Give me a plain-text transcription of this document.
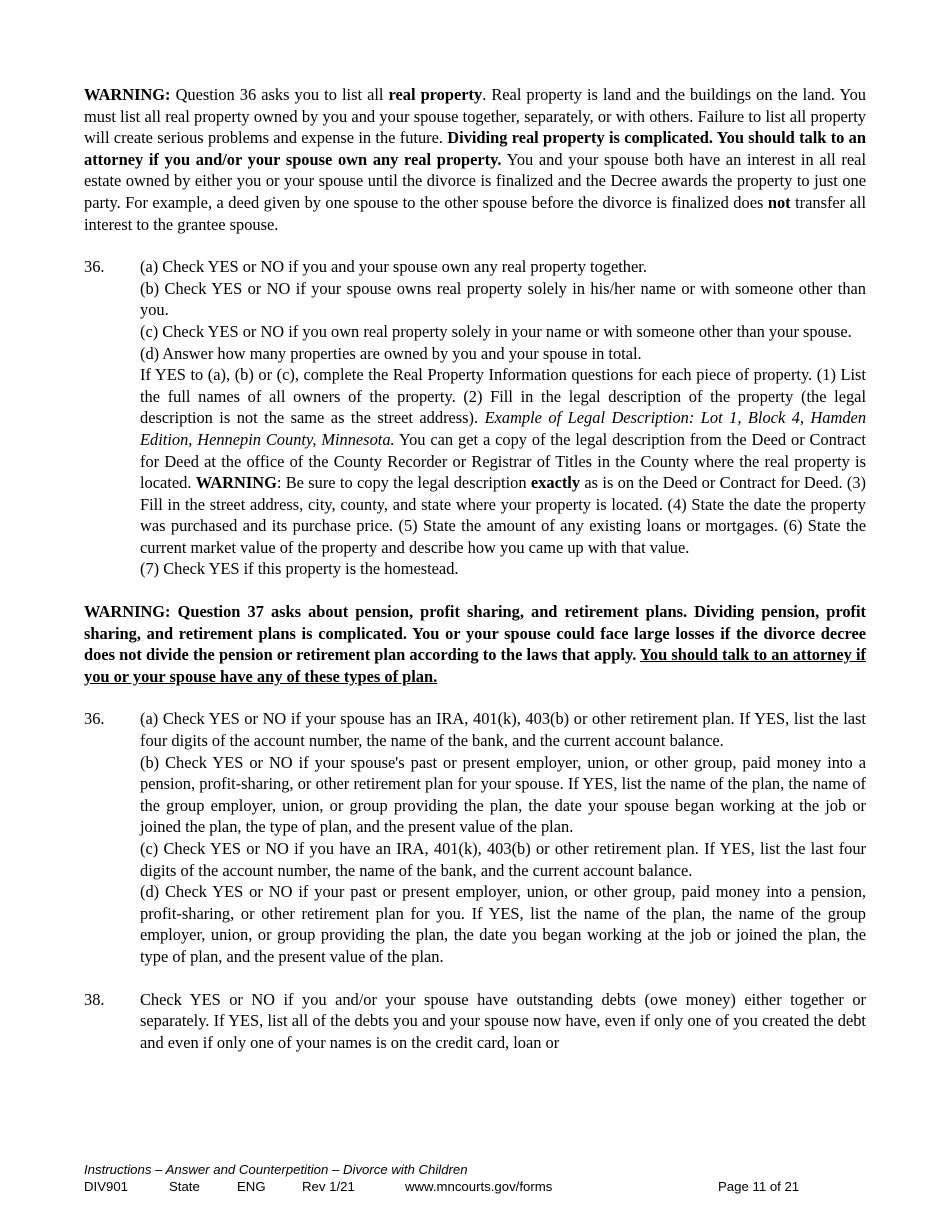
WARNING: Question 36 asks you to list all real property. Real property is land and the buildings on the land. You must list all real property owned by you and your spouse together, separately, or with others. Failure to list all property will create serious problems and expense in the future. Dividing real property is complicated. You should talk to an attorney if you and/or your spouse own any real property. You and your spouse both have an interest in all real estate owned by either you or your spouse until the divorce is finalized and the Decree awards the property to just one party. For example, a deed given by one spouse to the other spouse before the divorce is finalized does not transfer all interest to the grantee spouse.

36.	(a) Check YES or NO if you and your spouse own any real property together.

(b) Check YES or NO if your spouse owns real property solely in his/her name or with someone other than you.

(c) Check YES or NO if you own real property solely in your name or with someone other than your spouse.

(d) Answer how many properties are owned by you and your spouse in total.

If YES to (a), (b) or (c), complete the Real Property Information questions for each piece of property. (1) List the full names of all owners of the property. (2) Fill in the legal description of the property (the legal description is not the same as the street address). Example of Legal Description: Lot 1, Block 4, Hamden Edition, Hennepin County, Minnesota. You can get a copy of the legal description from the Deed or Contract for Deed at the office of the County Recorder or Registrar of Titles in the County where the real property is located. WARNING: Be sure to copy the legal description exactly as is on the Deed or Contract for Deed. (3) Fill in the street address, city, county, and state where your property is located. (4) State the date the property was purchased and its purchase price. (5) State the amount of any existing loans or mortgages. (6) State the current market value of the property and describe how you came up with that value.

(7) Check YES if this property is the homestead.

WARNING: Question 37 asks about pension, profit sharing, and retirement plans. Dividing pension, profit sharing, and retirement plans is complicated. You or your spouse could face large losses if the divorce decree does not divide the pension or retirement plan according to the laws that apply. You should talk to an attorney if you or your spouse have any of these types of plan.

36.	(a) Check YES or NO if your spouse has an IRA, 401(k), 403(b) or other retirement plan. If YES, list the last four digits of the account number, the name of the bank, and the current account balance.

(b) Check YES or NO if your spouse's past or present employer, union, or other group, paid money into a pension, profit-sharing, or other retirement plan for your spouse. If YES, list the name of the plan, the name of the group employer, union, or group providing the plan, the date your spouse began working at the job or joined the plan, the type of plan, and the present value of the plan.

(c) Check YES or NO if you have an IRA, 401(k), 403(b) or other retirement plan. If YES, list the last four digits of the account number, the name of the bank, and the current account balance.

(d) Check YES or NO if your past or present employer, union, or other group, paid money into a pension, profit-sharing, or other retirement plan for you. If YES, list the name of the plan, the name of the group employer, union, or group providing the plan, the date you began working at the job or joined the plan, the type of plan, and the present value of the plan.

38.	Check YES or NO if you and/or your spouse have outstanding debts (owe money) either together or separately. If YES, list all of the debts you and your spouse now have, even if only one of you created the debt and even if only one of your names is on the credit card, loan or

Instructions – Answer and Counterpetition – Divorce with Children
DIV901	State	ENG	Rev 1/21	www.mncourts.gov/forms	Page 11 of 21
